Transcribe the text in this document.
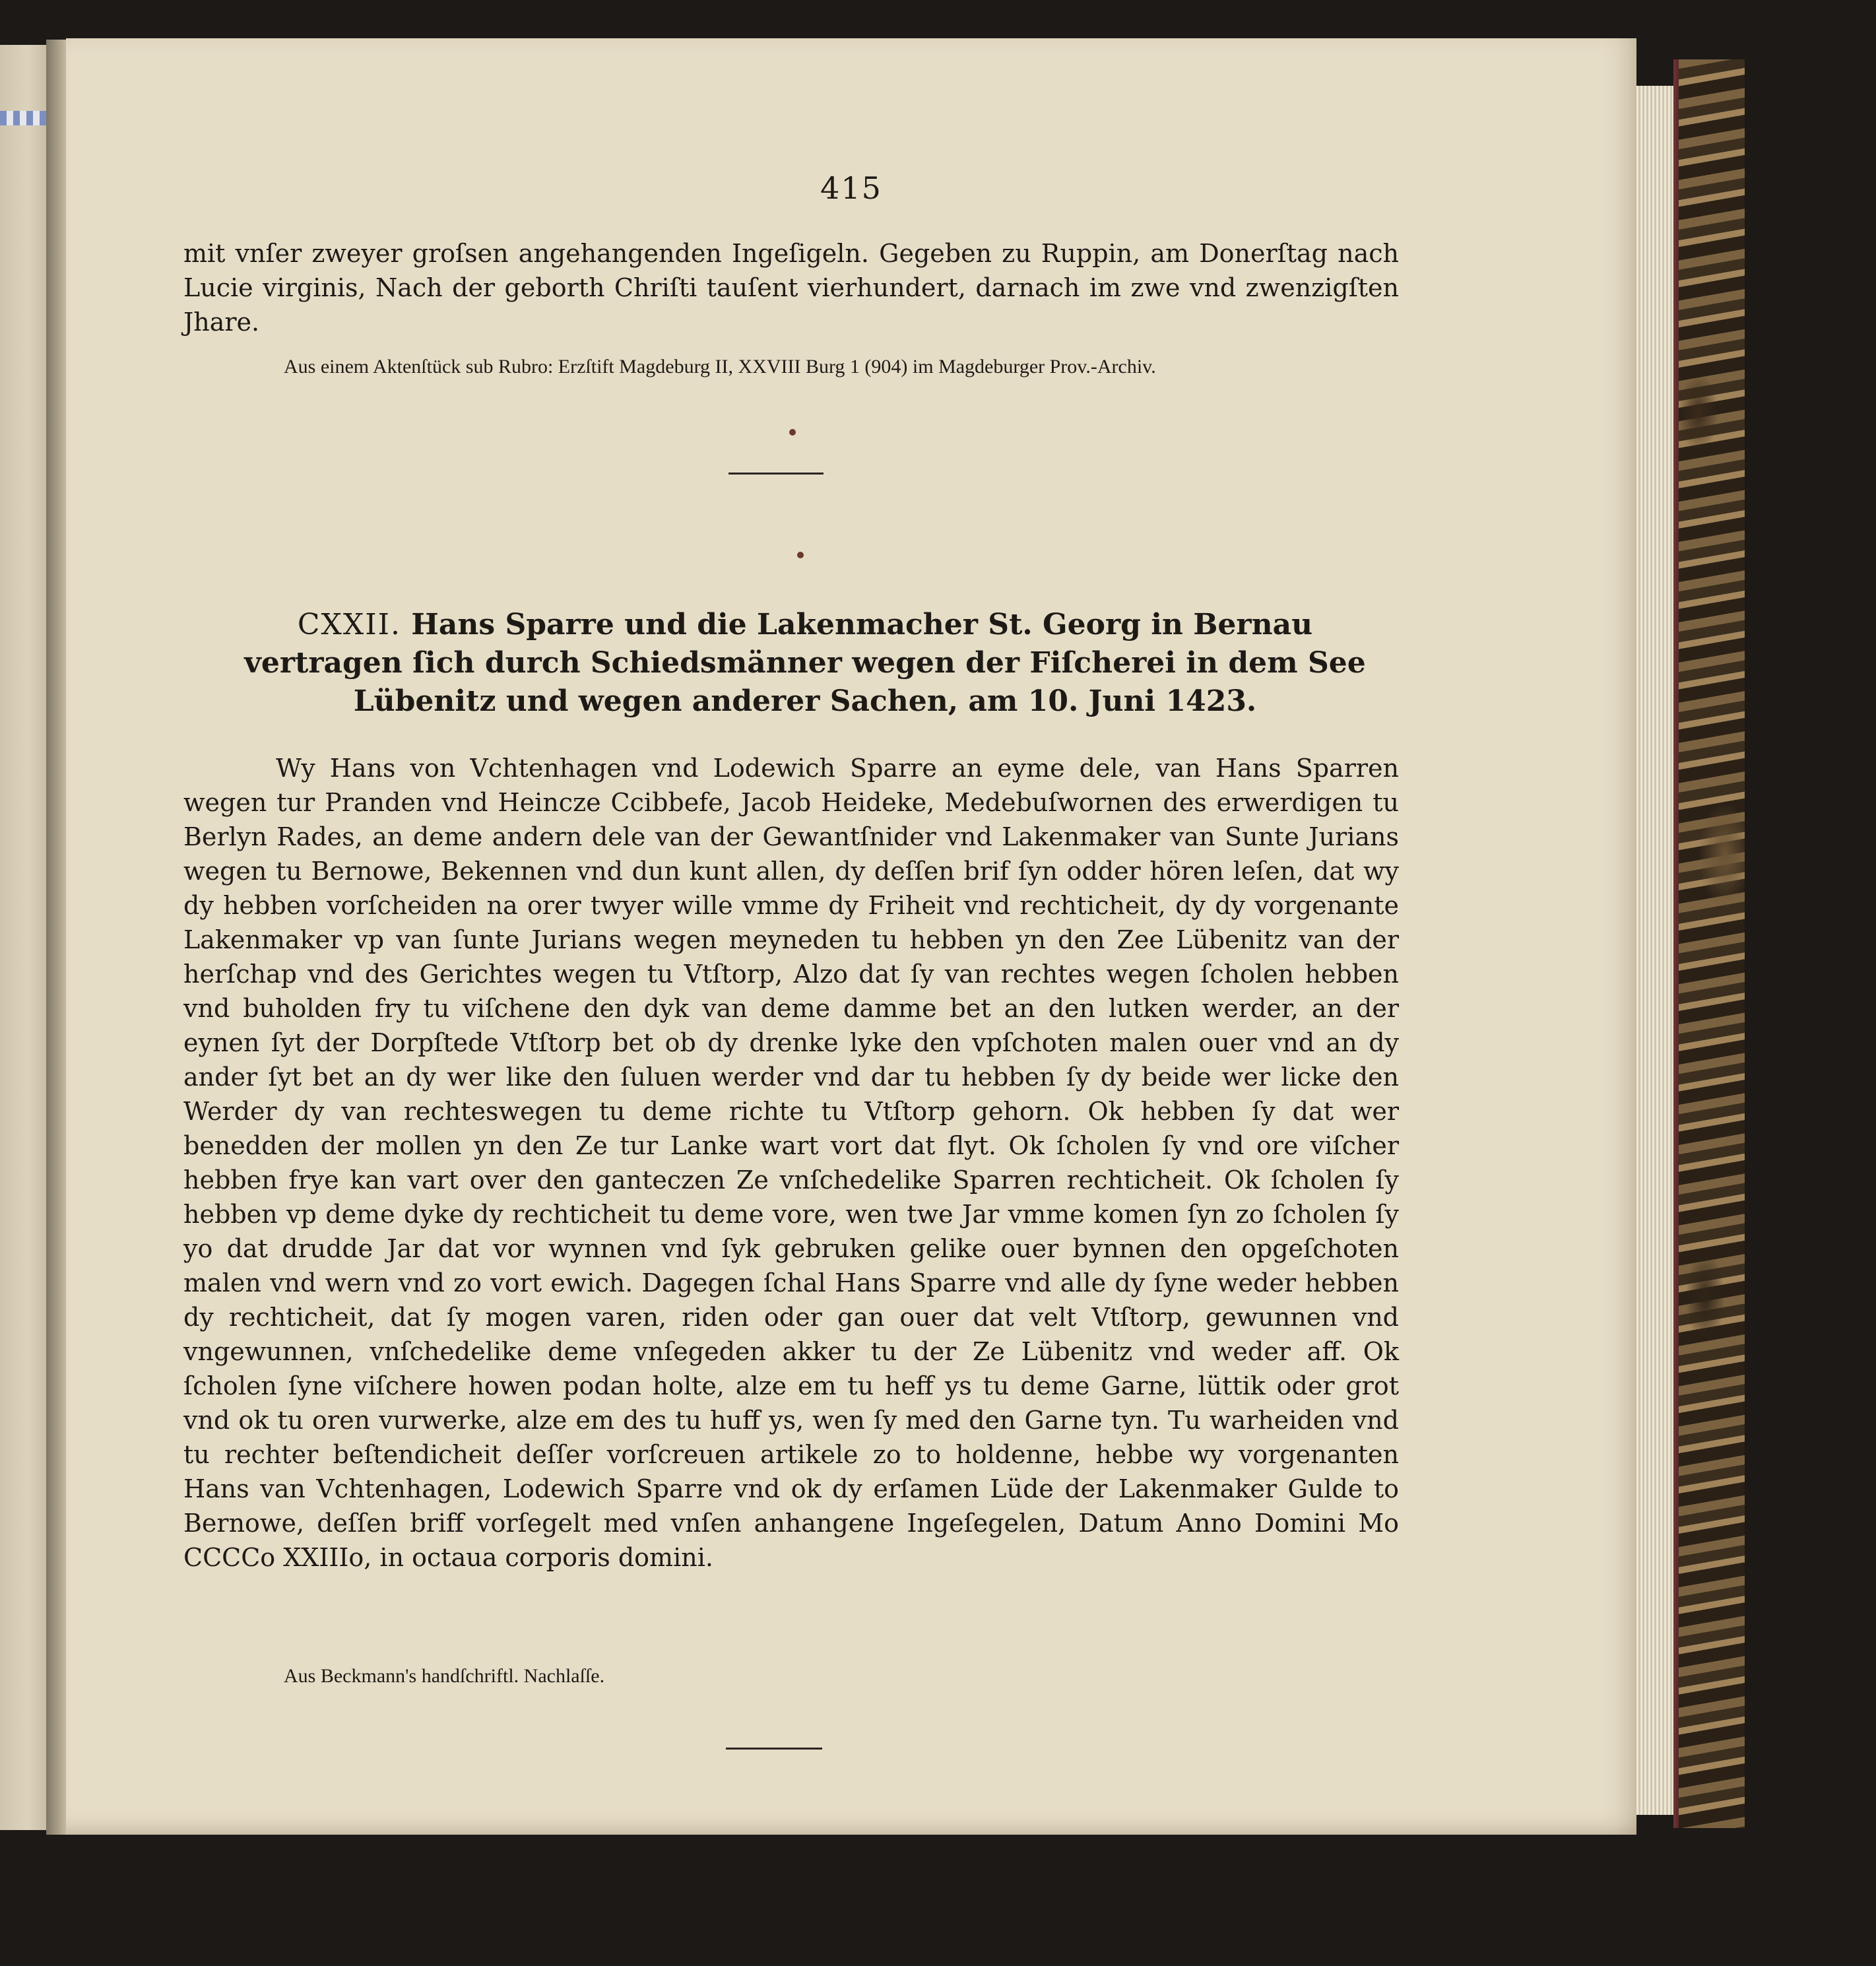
415
mit vnſer zweyer groſsen angehangenden Ingeſigeln. Gegeben zu Ruppin, am Donerſtag nach Lucie virginis, Nach der geborth Chriſti tauſent vierhundert, darnach im zwe vnd zwenzigſten Jhare.
Aus einem Aktenſtück sub Rubro: Erzſtift Magdeburg II, XXVIII Burg 1 (904) im Magdeburger Prov.-Archiv.
CXXII. Hans Sparre und die Lakenmacher St. Georg in Bernau vertragen ſich durch Schiedsmänner wegen der Fiſcherei in dem See Lübenitz und wegen anderer Sachen, am 10. Juni 1423.
Wy Hans von Vchtenhagen vnd Lodewich Sparre an eyme dele, van Hans Sparren wegen tur Pranden vnd Heincze Ccibbefe, Jacob Heideke, Medebuſwornen des erwerdigen tu Berlyn Rades, an deme andern dele van der Gewantſnider vnd Lakenmaker van Sunte Jurians wegen tu Bernowe, Bekennen vnd dun kunt allen, dy deſſen brif ſyn odder hören leſen, dat wy dy hebben vorſcheiden na orer twyer wille vmme dy Friheit vnd rechticheit, dy dy vorgenante Lakenmaker vp van ſunte Jurians wegen meyneden tu hebben yn den Zee Lübenitz van der herſchap vnd des Gerichtes wegen tu Vtſtorp, Alzo dat ſy van rechtes wegen ſcholen hebben vnd buholden fry tu viſchene den dyk van deme damme bet an den lutken werder, an der eynen ſyt der Dorpſtede Vtſtorp bet ob dy drenke lyke den vpſchoten malen ouer vnd an dy ander ſyt bet an dy wer like den ſuluen werder vnd dar tu hebben ſy dy beide wer licke den Werder dy van rechteswegen tu deme richte tu Vtſtorp gehorn. Ok hebben ſy dat wer benedden der mollen yn den Ze tur Lanke wart vort dat flyt. Ok ſcholen ſy vnd ore viſcher hebben frye kan vart over den ganteczen Ze vnſchedelike Sparren rechticheit. Ok ſcholen ſy hebben vp deme dyke dy rechticheit tu deme vore, wen twe Jar vmme komen ſyn zo ſcholen ſy yo dat drudde Jar dat vor wynnen vnd ſyk gebruken gelike ouer bynnen den opgeſchoten malen vnd wern vnd zo vort ewich. Dagegen ſchal Hans Sparre vnd alle dy ſyne weder hebben dy rechticheit, dat ſy mogen varen, riden oder gan ouer dat velt Vtſtorp, gewunnen vnd vngewunnen, vnſchedelike deme vnſegeden akker tu der Ze Lübenitz vnd weder aff. Ok ſcholen ſyne viſchere howen podan holte, alze em tu heff ys tu deme Garne, lüttik oder grot vnd ok tu oren vurwerke, alze em des tu huff ys, wen ſy med den Garne tyn. Tu warheiden vnd tu rechter beſtendicheit deſſer vorſcreuen artikele zo to holdenne, hebbe wy vorgenanten Hans van Vchtenhagen, Lodewich Sparre vnd ok dy erſamen Lüde der Lakenmaker Gulde to Bernowe, deſſen briff vorſegelt med vnſen anhangene Ingeſegelen, Datum Anno Domini Mo CCCCo XXIIIo, in octaua corporis domini.
Aus Beckmann's handſchriftl. Nachlaſſe.
